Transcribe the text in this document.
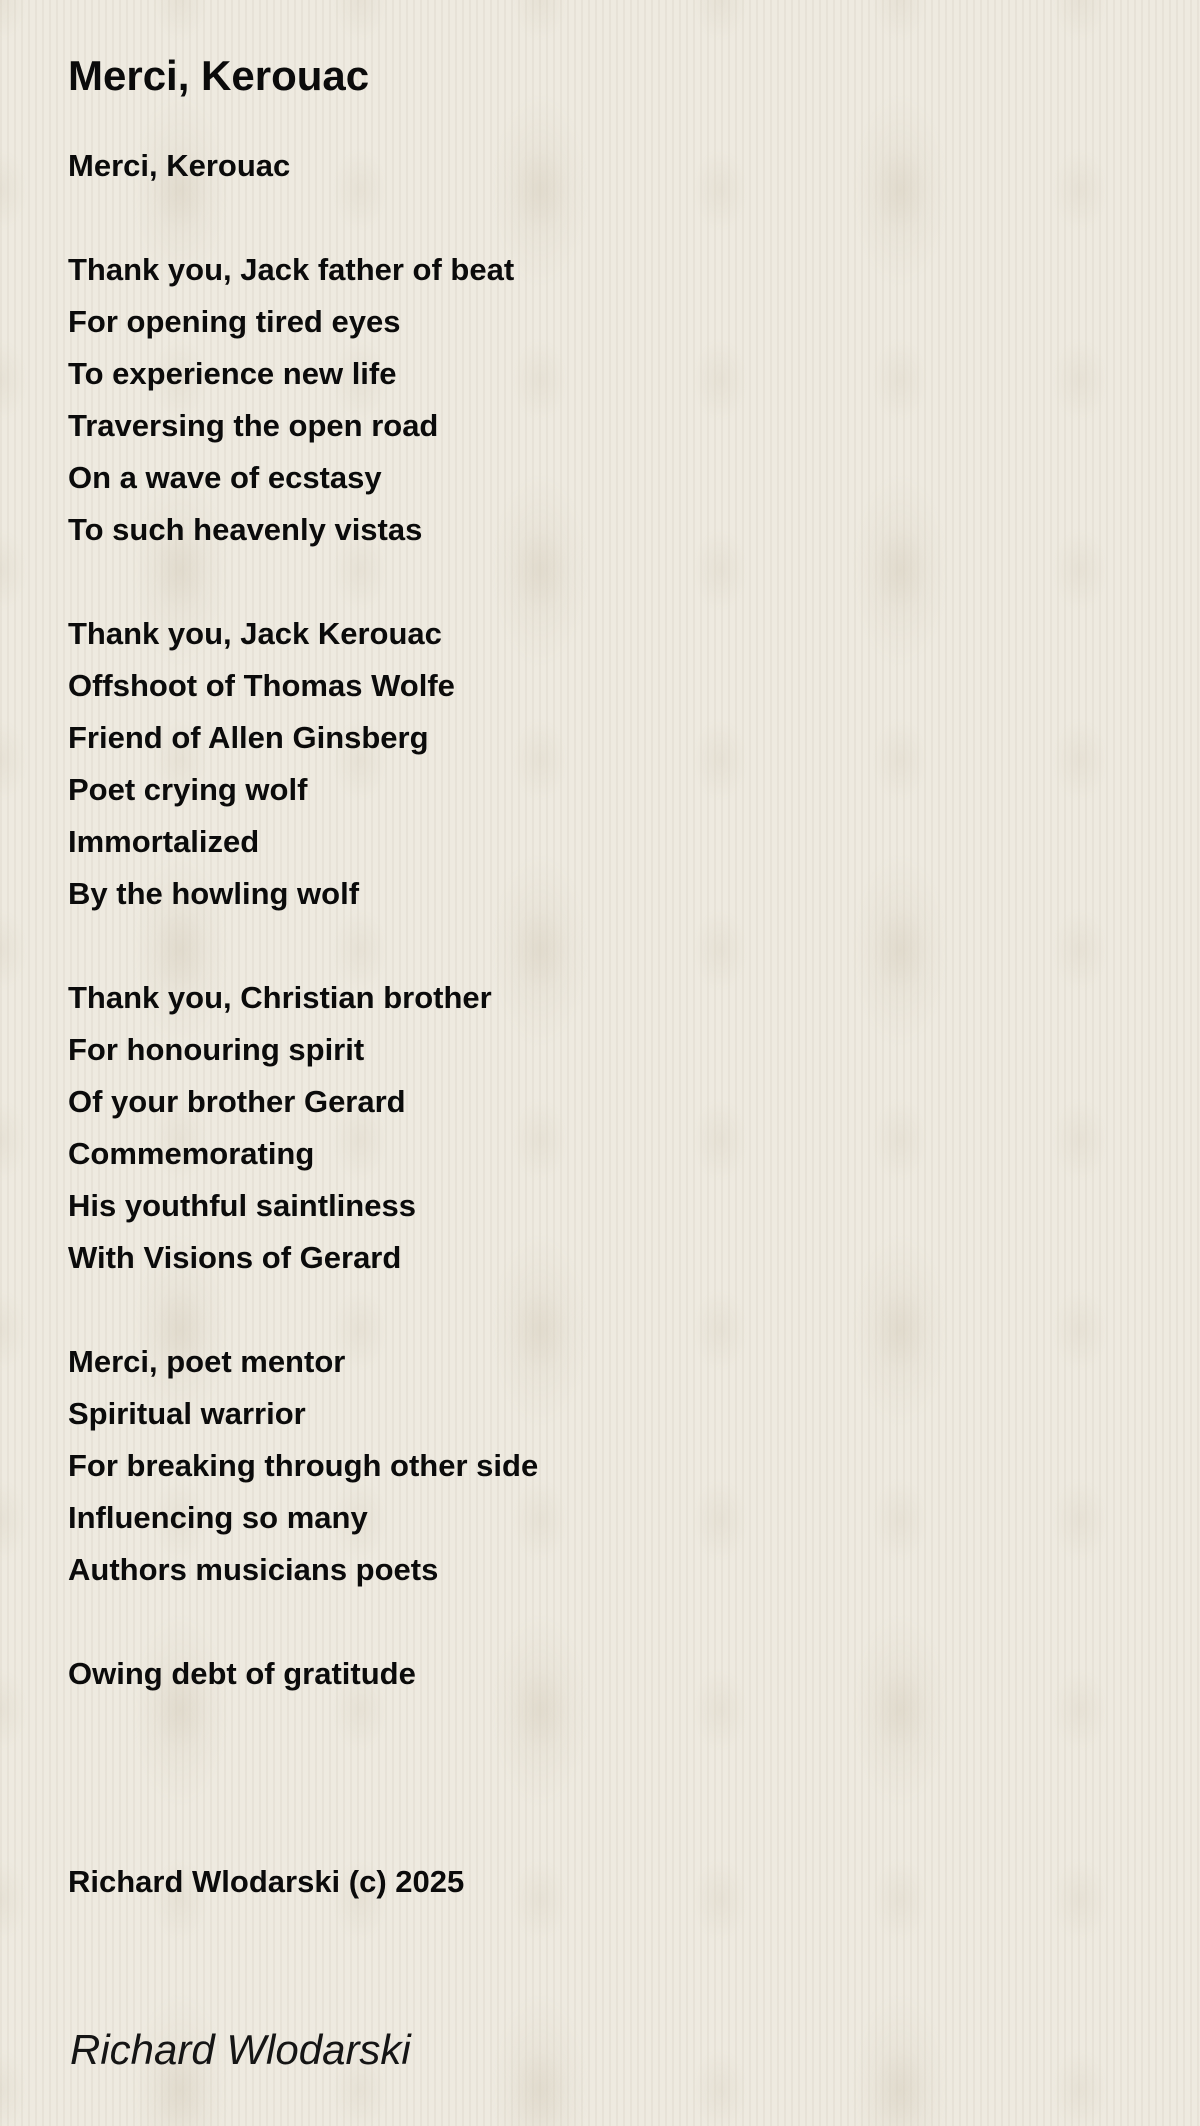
Merci, Kerouac
Merci, Kerouac
Thank you, Jack father of beat
For opening tired eyes
To experience new life
Traversing the open road
On a wave of ecstasy
To such heavenly vistas
Thank you, Jack Kerouac
Offshoot of Thomas Wolfe
Friend of Allen Ginsberg
Poet crying wolf
Immortalized
By the howling wolf
Thank you, Christian brother
For honouring spirit
Of your brother Gerard
Commemorating
His youthful saintliness
With Visions of Gerard
Merci, poet mentor
Spiritual warrior
For breaking through other side
Influencing so many
Authors musicians poets
Owing debt of gratitude
Richard Wlodarski (c) 2025
Richard Wlodarski
